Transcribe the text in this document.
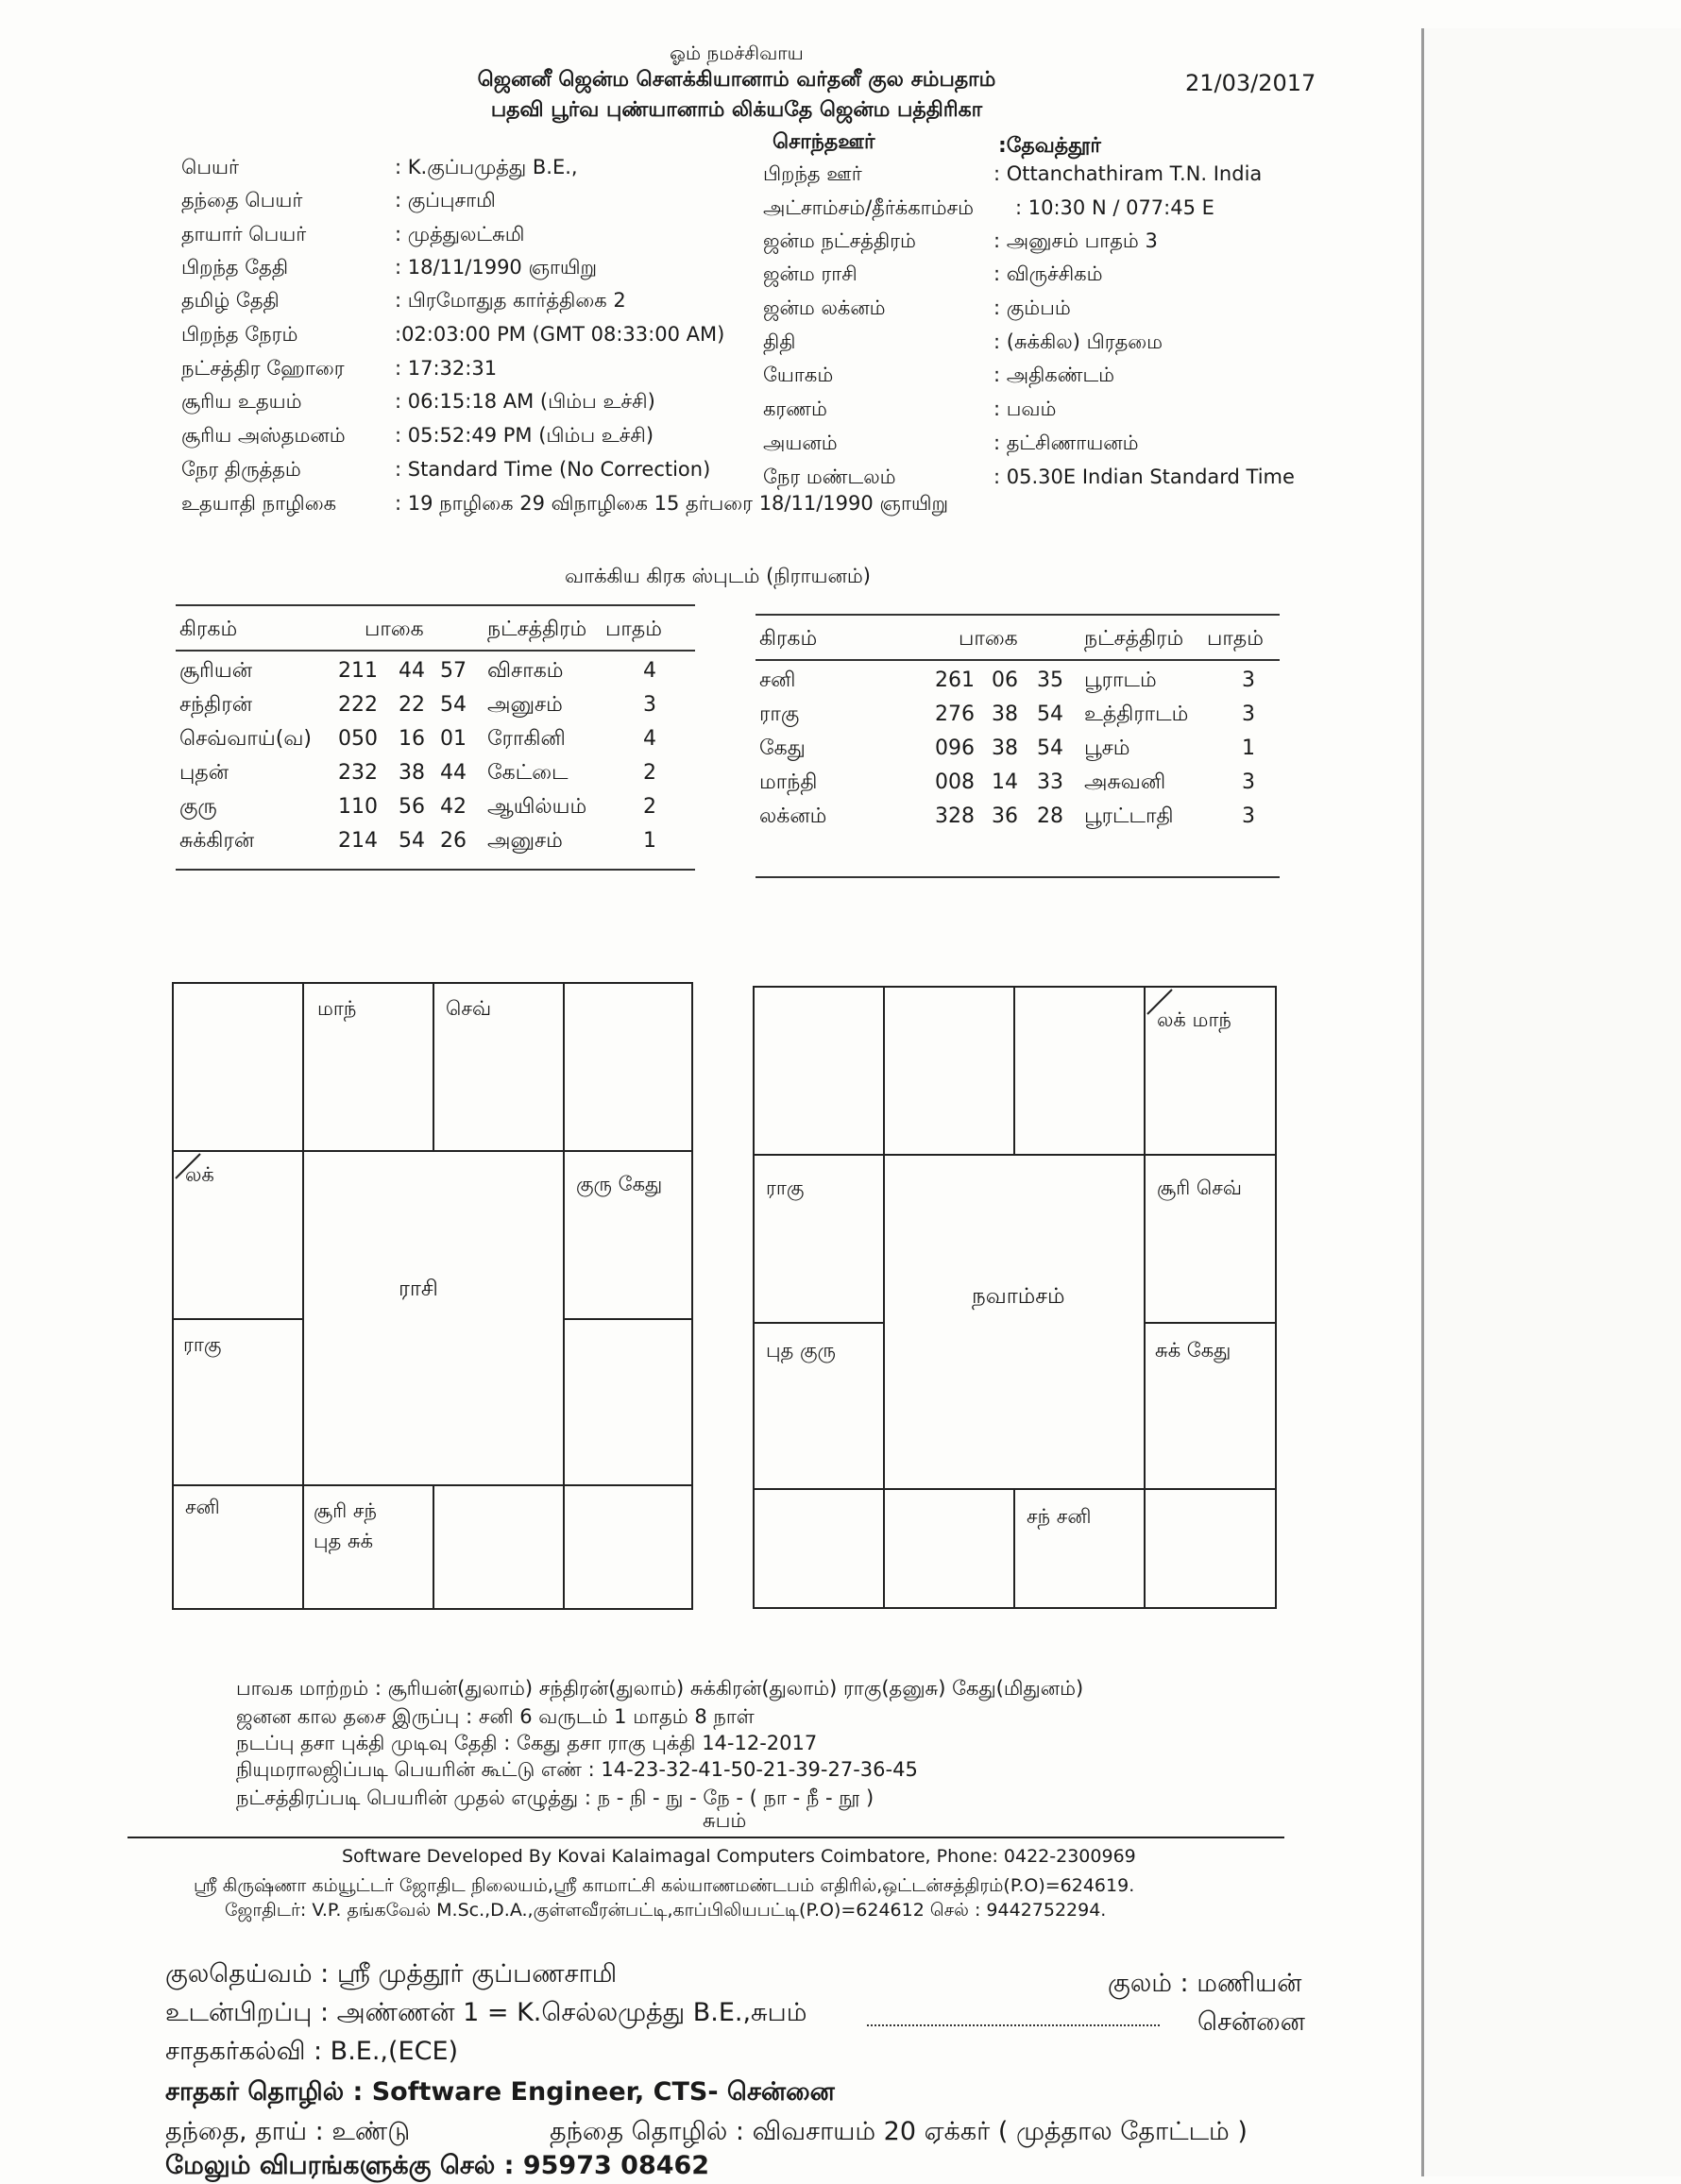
ஓம் நமச்சிவாய
ஜெனனீ ஜென்ம சௌக்கியானாம் வர்தனீ குல சம்பதாம்
பதவி பூர்வ புண்யானாம் லிக்யதே ஜென்ம பத்திரிகா
21/03/2017
சொந்தஊர்	:தேவத்தூர்
பெயர்	: K.குப்பமுத்து B.E.,
தந்தை பெயர்	: குப்புசாமி
தாயார் பெயர்	: முத்துலட்சுமி
பிறந்த தேதி	: 18/11/1990 ஞாயிறு
தமிழ் தேதி	: பிரமோதுத கார்த்திகை 2
பிறந்த நேரம்	:02:03:00 PM (GMT 08:33:00 AM)
நட்சத்திர ஹோரை	: 17:32:31
சூரிய உதயம்	: 06:15:18 AM (பிம்ப உச்சி)
சூரிய அஸ்தமனம் : 05:52:49 PM (பிம்ப உச்சி)
நேர திருத்தம்	: Standard Time (No Correction)
உதயாதி நாழிகை	: 19 நாழிகை 29 விநாழிகை 15 தர்பரை 18/11/1990 ஞாயிறு
பிறந்த ஊர்	: Ottanchathiram T.N. India
அட்சாம்சம்/தீர்க்காம்சம் : 10:30 N / 077:45 E
ஜன்ம நட்சத்திரம்	: அனுசம் பாதம் 3
ஜன்ம ராசி	: விருச்சிகம்
ஜன்ம லக்னம்	: கும்பம்
திதி	: (சுக்கில) பிரதமை
யோகம்	: அதிகண்டம்
கரணம்	: பவம்
அயனம்	: தட்சிணாயனம்
நேர மண்டலம்	: 05.30E Indian Standard Time
வாக்கிய கிரக ஸ்புடம் (நிராயனம்)
கிரகம்	பாகை	நட்சத்திரம் பாதம்
சூரியன்	211 44 57 விசாகம்	4
சந்திரன்	222 22 54 அனுசம்	3
செவ்வாய்(வ) 050 16 01 ரோகினி	4
புதன்	232 38 44 கேட்டை	2
குரு	110 56 42 ஆயில்யம்	2
சுக்கிரன்	214 54 26 அனுசம்	1
கிரகம்	பாகை	நட்சத்திரம் பாதம்
சனி	261 06 35 பூராடம்	3
ராகு	276 38 54 உத்திராடம்	3
கேது	096 38 54 பூசம்	1
மாந்தி	008 14 33 அசுவனி	3
லக்னம்	328 36 28 பூரட்டாதி	3
மாந்	செவ்
லக்
ராகு
குரு கேது
சனி	சூரி சந்
புத சுக்
ராசி
லக் மாந்
ராகு
புத குரு
சூரி செவ்
சுக் கேது
சந் சனி
நவாம்சம்
பாவக மாற்றம் : சூரியன்(துலாம்) சந்திரன்(துலாம்) சுக்கிரன்(துலாம்) ராகு(தனுசு) கேது(மிதுனம்)
ஜனன கால தசை இருப்பு : சனி 6 வருடம் 1 மாதம் 8 நாள்
நடப்பு தசா புக்தி முடிவு தேதி : கேது தசா ராகு புக்தி 14-12-2017
நியுமராலஜிப்படி பெயரின் கூட்டு எண் : 14-23-32-41-50-21-39-27-36-45
நட்சத்திரப்படி பெயரின் முதல் எழுத்து : ந - நி - நு - நே - ( நா - நீ - நூ )
சுபம்
Software Developed By Kovai Kalaimagal Computers Coimbatore, Phone: 0422-2300969
ஸ்ரீ கிருஷ்ணா கம்யூட்டர் ஜோதிட நிலையம்,ஸ்ரீ காமாட்சி கல்யாணமண்டபம் எதிரில்,ஒட்டன்சத்திரம்(P.O)=624619.
ஜோதிடர்: V.P. தங்கவேல் M.Sc.,D.A.,குள்ளவீரன்பட்டி,காப்பிலியபட்டி(P.O)=624612 செல் : 9442752294.
குலதெய்வம் : ஸ்ரீ முத்தூர் குப்பணசாமி	குலம் : மணியன்
உடன்பிறப்பு : அண்ணன் 1 = K.செல்லமுத்து B.E.,சுபம்	சென்னை
சாதகர்கல்வி : B.E.,(ECE)
சாதகர் தொழில் : Software Engineer, CTS- சென்னை
தந்தை, தாய் : உண்டு	தந்தை தொழில் : விவசாயம் 20 ஏக்கர் ( முத்தால தோட்டம் )
மேலும் விபரங்களுக்கு செல் : 95973 08462
